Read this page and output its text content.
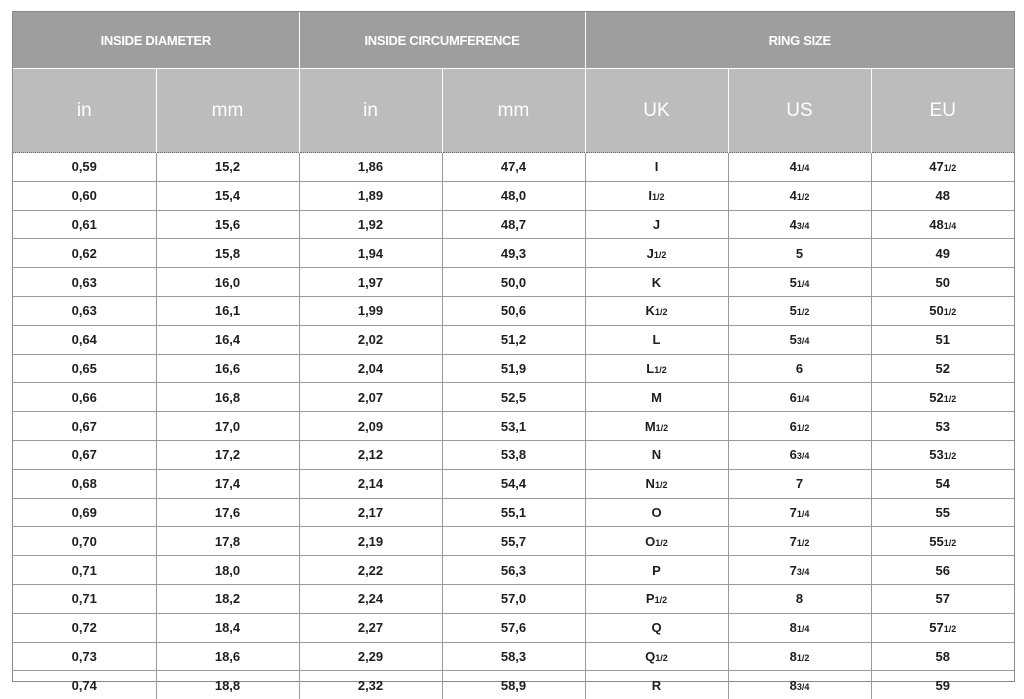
INSIDE DIAMETER		INSIDE CIRCUMFERENCE		RING SIZE		
in	mm	in	mm	UK	US	EU
0,59	15,2	1,86	47,4	I	41/4	471/2
0,60	15,4	1,89	48,0	I1/2	41/2	48
0,61	15,6	1,92	48,7	J	43/4	481/4
0,62	15,8	1,94	49,3	J1/2	5	49
0,63	16,0	1,97	50,0	K	51/4	50
0,63	16,1	1,99	50,6	K1/2	51/2	501/2
0,64	16,4	2,02	51,2	L	53/4	51
0,65	16,6	2,04	51,9	L1/2	6	52
0,66	16,8	2,07	52,5	M	61/4	521/2
0,67	17,0	2,09	53,1	M1/2	61/2	53
0,67	17,2	2,12	53,8	N	63/4	531/2
0,68	17,4	2,14	54,4	N1/2	7	54
0,69	17,6	2,17	55,1	O	71/4	55
0,70	17,8	2,19	55,7	O1/2	71/2	551/2
0,71	18,0	2,22	56,3	P	73/4	56
0,71	18,2	2,24	57,0	P1/2	8	57
0,72	18,4	2,27	57,6	Q	81/4	571/2
0,73	18,6	2,29	58,3	Q1/2	81/2	58
0,74	18,8	2,32	58,9	R	83/4	59
